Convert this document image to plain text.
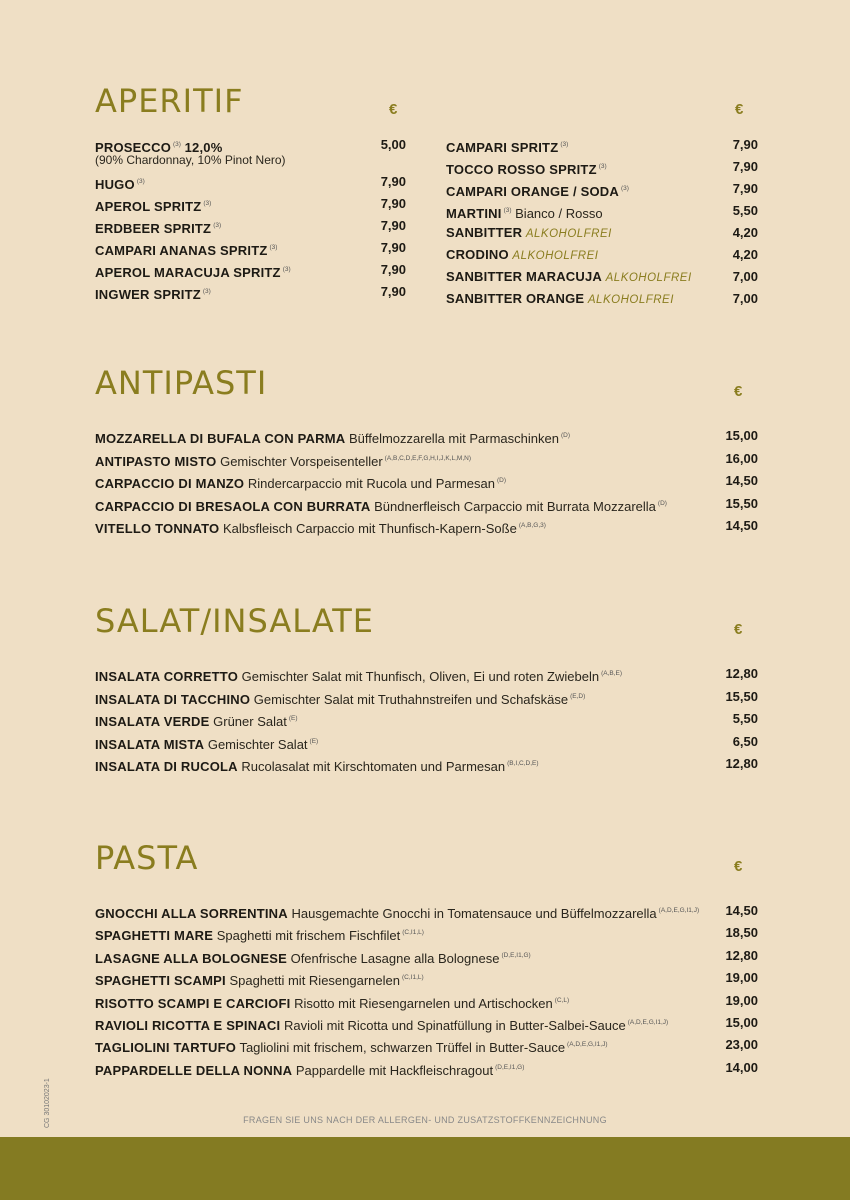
APERITIF	€	€
PROSECCO $^{(3)}$ 12,0%	5,00
HUGO $^{(3)}$	7,90
APEROL SPRITZ $^{(3)}$	7,90
ERDBEER SPRITZ $^{(3)}$	7,90
CAMPARI ANANAS SPRITZ $^{(3)}$	7,90
APEROL MARACUJA SPRITZ $^{(3)}$	7,90
INGWER SPRITZ $^{(3)}$	7,90
(90% Chardonnay, 10% Pinot Nero)
CAMPARI SPRITZ $^{(3)}$	7,90
TOCCO ROSSO SPRITZ $^{(3)}$	7,90
CAMPARI ORANGE / SODA $^{(3)}$	7,90
MARTINI $^{(3)}$ Bianco / Rosso	5,50
SANBITTER ALKOHOLFREI	4,20
CRODINO ALKOHOLFREI	4,20
SANBITTER MARACUJA ALKOHOLFREI	7,00
SANBITTER ORANGE ALKOHOLFREI	7,00
ANTIPASTI	€
MOZZARELLA DI BUFALA CON PARMA Büffelmozzarella mit Parmaschinken $^{(D)}$	15,00
ANTIPASTO MISTO Gemischter Vorspeisenteller $^{(A,B,C,D,E,F,G,H,I,J,K,L,M,N)}$	16,00
CARPACCIO DI MANZO Rindercarpaccio mit Rucola und Parmesan $^{(D)}$	14,50
CARPACCIO DI BRESAOLA CON BURRATA Bündnerfleisch Carpaccio mit Burrata Mozzarella $^{(D)}$	15,50
VITELLO TONNATO Kalbsfleisch Carpaccio mit Thunfisch-Kapern-Soße $^{(A,B,G,3)}$	14,50
SALAT/INSALATE	€
INSALATA CORRETTO Gemischter Salat mit Thunfisch, Oliven, Ei und roten Zwiebeln $^{(A,B,E)}$	12,80
INSALATA DI TACCHINO Gemischter Salat mit Truthahnstreifen und Schafskäse $^{(E,D)}$	15,50
INSALATA VERDE Grüner Salat $^{(E)}$	5,50
INSALATA MISTA Gemischter Salat $^{(E)}$	6,50
INSALATA DI RUCOLA Rucolasalat mit Kirschtomaten und Parmesan $^{(B,I,C,D,E)}$	12,80
PASTA	€
GNOCCHI ALLA SORRENTINA Hausgemachte Gnocchi in Tomatensauce und Büffelmozzarella $^{(A,D,E,G,I1,J)}$ 14,50
SPAGHETTI MARE Spaghetti mit frischem Fischfilet $^{(C,I1,L)}$	18,50
LASAGNE ALLA BOLOGNESE Ofenfrische Lasagne alla Bolognese $^{(D,E,I1,G)}$	12,80
SPAGHETTI SCAMPI Spaghetti mit Riesengarnelen $^{(C,I1,L)}$	19,00
RISOTTO SCAMPI E CARCIOFI Risotto mit Riesengarnelen und Artischocken $^{(C,L)}$	19,00
RAVIOLI RICOTTA E SPINACI Ravioli mit Ricotta und Spinatfüllung in Butter-Salbei-Sauce $^{(A,D,E,G,I1,J)}$	15,00
TAGLIOLINI TARTUFO Tagliolini mit frischem, schwarzen Trüffel in Butter-Sauce $^{(A,D,E,G,I1,J)}$	23,00
PAPPARDELLE DELLA NONNA Pappardelle mit Hackfleischragout $^{(D,E,I1,G)}$	14,00
CG 30102023-1	FRAGEN SIE UNS NACH DER ALLERGEN- UND ZUSATZSTOFFKENNZEICHNUNG
